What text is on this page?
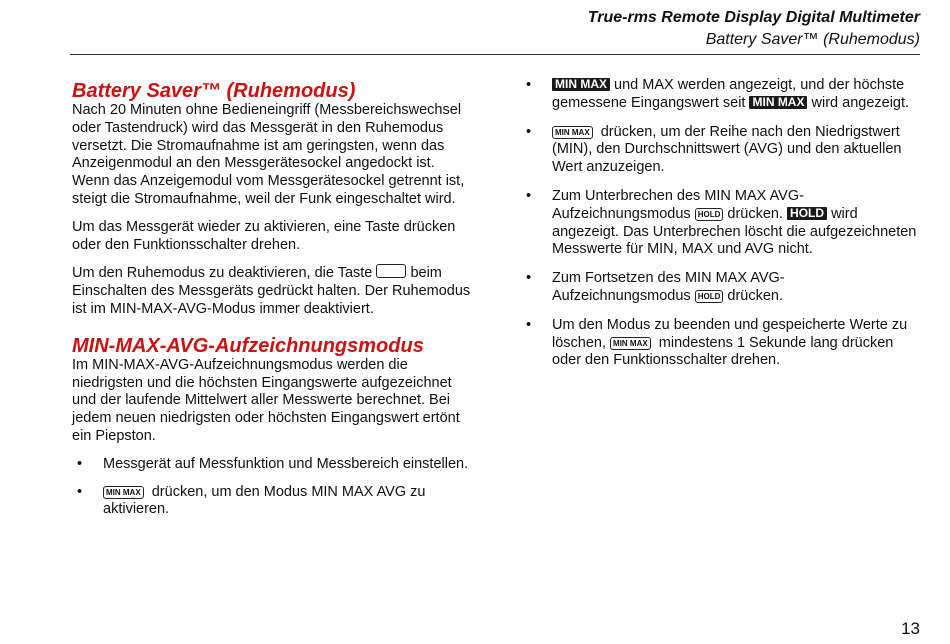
True-rms Remote Display Digital Multimeter
Battery Saver™ (Ruhemodus)
Battery Saver™ (Ruhemodus)

Nach 20 Minuten ohne Bedieneingriff (Messbereichswechsel oder Tastendruck) wird das Messgerät in den Ruhemodus versetzt. Die Stromaufnahme ist am geringsten, wenn das Anzeigenmodul an den Messgerätesockel angedockt ist. Wenn das Anzeigemodul vom Messgerätesockel getrennt ist, steigt die Stromaufnahme, weil der Funk eingeschaltet wird.

Um das Messgerät wieder zu aktivieren, eine Taste drücken oder den Funktionsschalter drehen.

Um den Ruhemodus zu deaktivieren, die Taste	beim Einschalten des Messgeräts gedrückt halten. Der Ruhemodus ist im MIN-MAX-AVG-Modus immer deaktiviert.

MIN-MAX-AVG-Aufzeichnungsmodus

Im MIN-MAX-AVG-Aufzeichnungsmodus werden die niedrigsten und die höchsten Eingangswerte aufgezeichnet und der laufende Mittelwert aller Messwerte berechnet. Bei jedem neuen niedrigsten oder höchsten Eingangswert ertönt ein Piepston.

• Messgerät auf Messfunktion und Messbereich einstellen.
•	MIN MAX drücken, um den Modus MIN MAX AVG zu aktivieren.
• MIN MAX und MAX werden angezeigt, und der höchste gemessene Eingangswert seit MIN MAX wird angezeigt.
•	MIN MAX drücken, um der Reihe nach den Niedrigstwert (MIN), den Durchschnittswert (AVG) und den aktuellen Wert anzuzeigen.
• Zum Unterbrechen des MIN MAX AVG-Aufzeichnungsmodus HOLD drücken. HOLD wird angezeigt. Das Unterbrechen löscht die aufgezeichneten Messwerte für MIN, MAX und AVG nicht.
• Zum Fortsetzen des MIN MAX AVG-Aufzeichnungsmodus HOLD drücken.
• Um den Modus zu beenden und gespeicherte Werte zu löschen, MIN MAX mindestens 1 Sekunde lang drücken oder den Funktionsschalter drehen.
13
